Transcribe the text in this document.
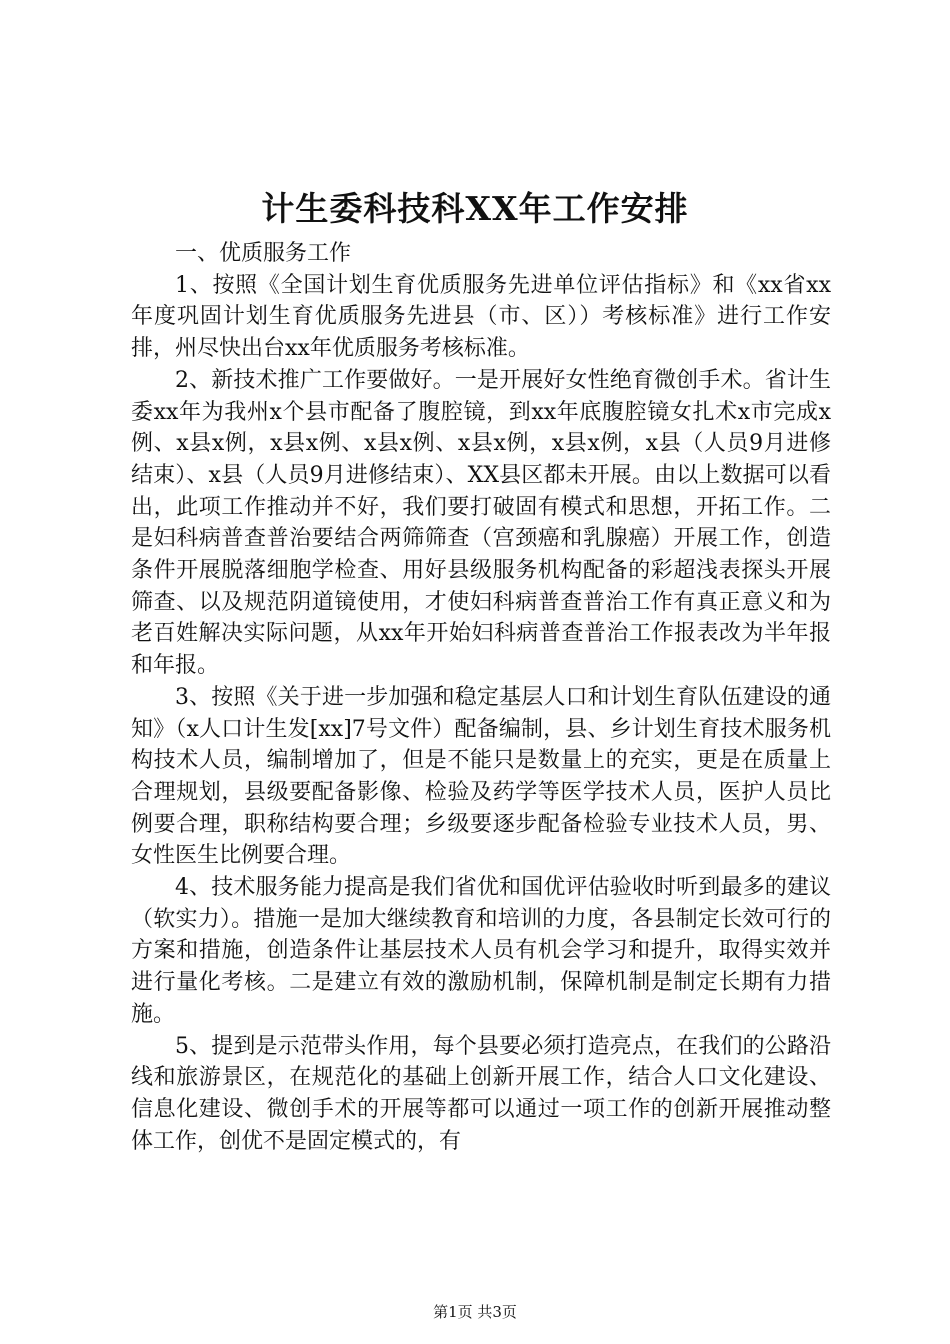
计生委科技科XX年工作安排

一、优质服务工作

1、按照《全国计划生育优质服务先进单位评估指标》和《xx省xx年度巩固计划生育优质服务先进县（市、区））考核标准》进行工作安排，州尽快出台xx年优质服务考核标准。

2、新技术推广工作要做好。一是开展好女性绝育微创手术。省计生委xx年为我州x个县市配备了腹腔镜，到xx年底腹腔镜女扎术x市完成x例、x县x例，x县x例、x县x例、x县x例，x县x例，x县（人员9月进修结束）、x县（人员9月进修结束）、XX县区都未开展。由以上数据可以看出，此项工作推动并不好，我们要打破固有模式和思想，开拓工作。二是妇科病普查普治要结合两筛筛查（宫颈癌和乳腺癌）开展工作，创造条件开展脱落细胞学检查、用好县级服务机构配备的彩超浅表探头开展筛查、以及规范阴道镜使用，才使妇科病普查普治工作有真正意义和为老百姓解决实际问题，从xx年开始妇科病普查普治工作报表改为半年报和年报。

3、按照《关于进一步加强和稳定基层人口和计划生育队伍建设的通知》（x人口计生发[xx]7号文件）配备编制，县、乡计划生育技术服务机构技术人员，编制增加了，但是不能只是数量上的充实，更是在质量上合理规划，县级要配备影像、检验及药学等医学技术人员，医护人员比例要合理，职称结构要合理；乡级要逐步配备检验专业技术人员，男、女性医生比例要合理。

4、技术服务能力提高是我们省优和国优评估验收时听到最多的建议（软实力）。措施一是加大继续教育和培训的力度，各县制定长效可行的方案和措施，创造条件让基层技术人员有机会学习和提升，取得实效并进行量化考核。二是建立有效的激励机制，保障机制是制定长期有力措施。

5、提到是示范带头作用，每个县要必须打造亮点，在我们的公路沿线和旅游景区，在规范化的基础上创新开展工作，结合人口文化建设、信息化建设、微创手术的开展等都可以通过一项工作的创新开展推动整体工作，创优不是固定模式的，有

第1页 共3页
